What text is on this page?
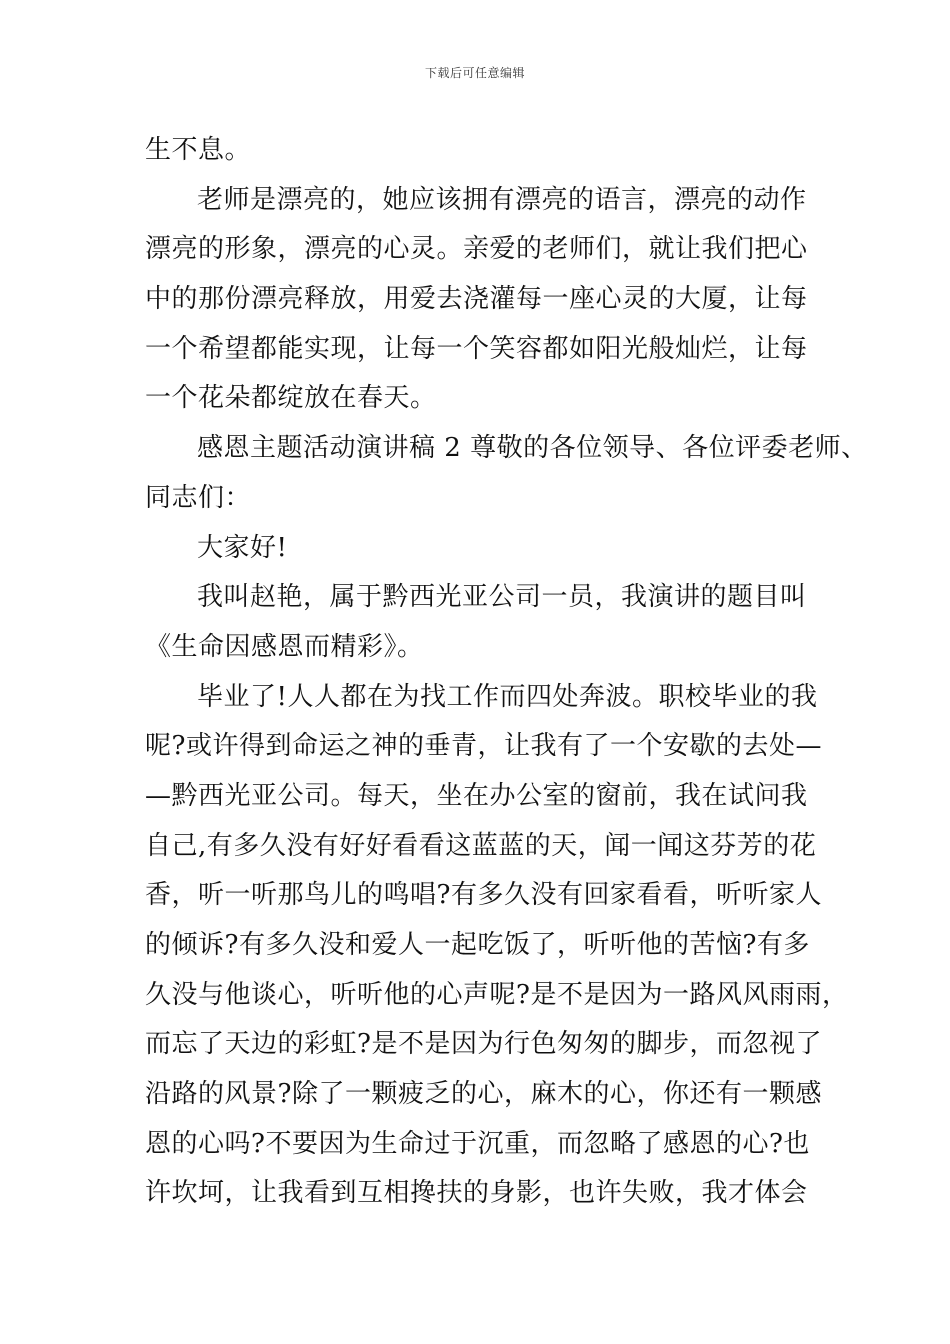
下载后可任意编辑
生不息。
老师是漂亮的，她应该拥有漂亮的语言，漂亮的动作
漂亮的形象，漂亮的心灵。亲爱的老师们，就让我们把心
中的那份漂亮释放，用爱去浇灌每一座心灵的大厦，让每
一个希望都能实现，让每一个笑容都如阳光般灿烂，让每
一个花朵都绽放在春天。
感恩主题活动演讲稿 2 尊敬的各位领导、各位评委老师、
同志们：
大家好!
我叫赵艳，属于黔西光亚公司一员，我演讲的题目叫
《生命因感恩而精彩》。
毕业了!人人都在为找工作而四处奔波。职校毕业的我
呢?或许得到命运之神的垂青，让我有了一个安歇的去处—
—黔西光亚公司。每天，坐在办公室的窗前，我在试问我
自己,有多久没有好好看看这蓝蓝的天，闻一闻这芬芳的花
香，听一听那鸟儿的鸣唱?有多久没有回家看看，听听家人
的倾诉?有多久没和爱人一起吃饭了，听听他的苦恼?有多
久没与他谈心，听听他的心声呢?是不是因为一路风风雨雨，
而忘了天边的彩虹?是不是因为行色匆匆的脚步，而忽视了
沿路的风景?除了一颗疲乏的心，麻木的心，你还有一颗感
恩的心吗?不要因为生命过于沉重，而忽略了感恩的心?也
许坎坷，让我看到互相搀扶的身影，也许失败，我才体会
